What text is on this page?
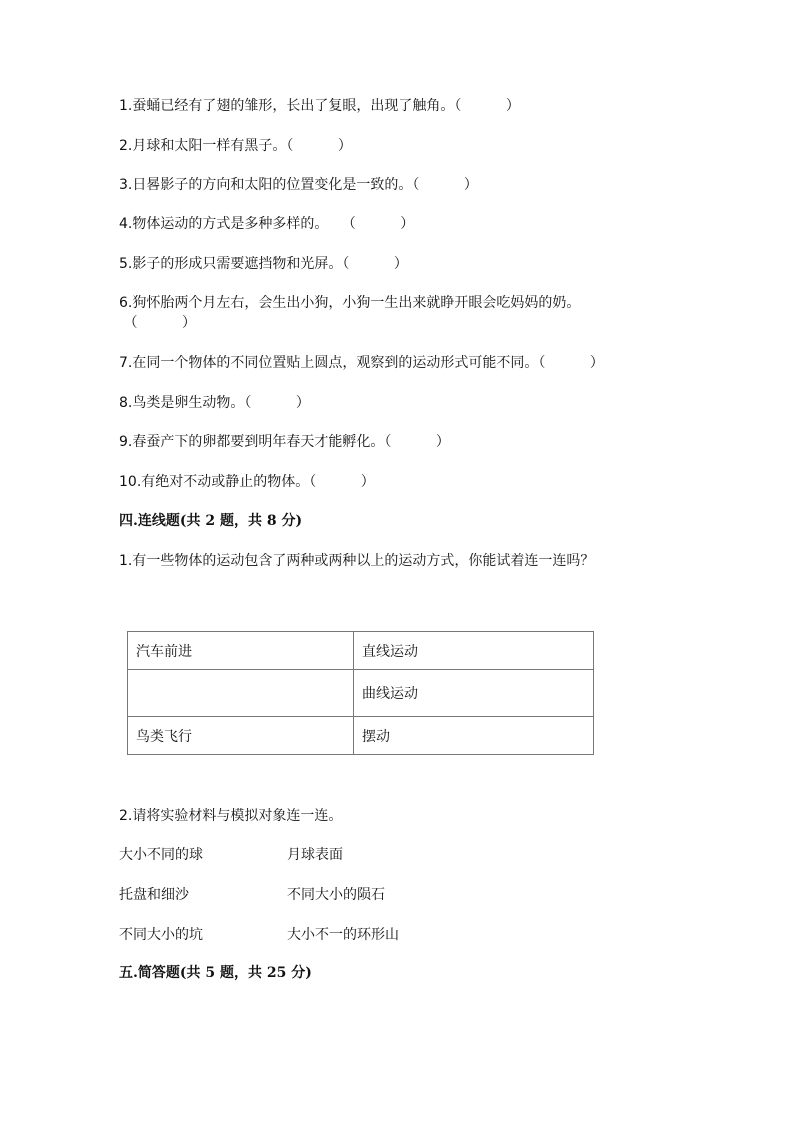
1.蚕蛹已经有了翅的雏形，长出了复眼，出现了触角。（          ）
2.月球和太阳一样有黑子。（          ）
3.日晷影子的方向和太阳的位置变化是一致的。（          ）
4.物体运动的方式是多种多样的。   （          ）
5.影子的形成只需要遮挡物和光屏。（          ）
6.狗怀胎两个月左右，会生出小狗，小狗一生出来就睁开眼会吃妈妈的奶。
（          ）
7.在同一个物体的不同位置贴上圆点，观察到的运动形式可能不同。（          ）
8.鸟类是卵生动物。（          ）
9.春蚕产下的卵都要到明年春天才能孵化。（          ）
10.有绝对不动或静止的物体。（          ）
四.连线题(共 2 题，共 8 分)
1.有一些物体的运动包含了两种或两种以上的运动方式，你能试着连一连吗？
汽车前进	直线运动
	曲线运动
鸟类飞行	摆动
2.请将实验材料与模拟对象连一连。
大小不同的球	月球表面
托盘和细沙	不同大小的陨石
不同大小的坑	大小不一的环形山
五.简答题(共 5 题，共 25 分)
